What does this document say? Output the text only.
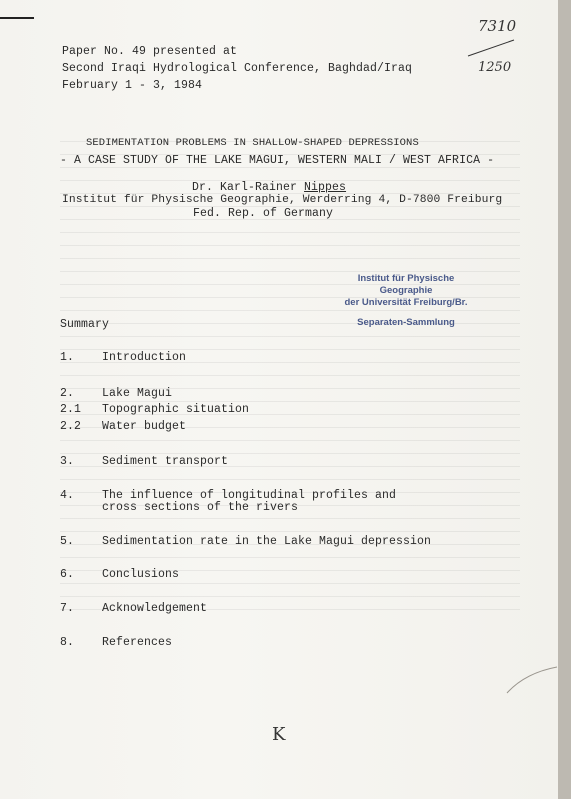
7310
1250
Paper No. 49 presented at
Second Iraqi Hydrological Conference, Baghdad/Iraq
February 1 - 3, 1984
SEDIMENTATION PROBLEMS IN SHALLOW-SHAPED DEPRESSIONS
- A CASE STUDY OF THE LAKE MAGUI, WESTERN MALI / WEST AFRICA -
Dr. Karl-Rainer Nippes
Institut für Physische Geographie, Werderring 4, D-7800 Freiburg
Fed. Rep. of Germany
Institut für Physische Geographie
der Universität Freiburg/Br.
Separaten-Sammlung
Summary
1. Introduction
2. Lake Magui
2.1 Topographic situation
2.2 Water budget
3. Sediment transport
4. The influence of longitudinal profiles and
cross sections of the rivers
5. Sedimentation rate in the Lake Magui depression
6. Conclusions
7. Acknowledgement
8. References
K
